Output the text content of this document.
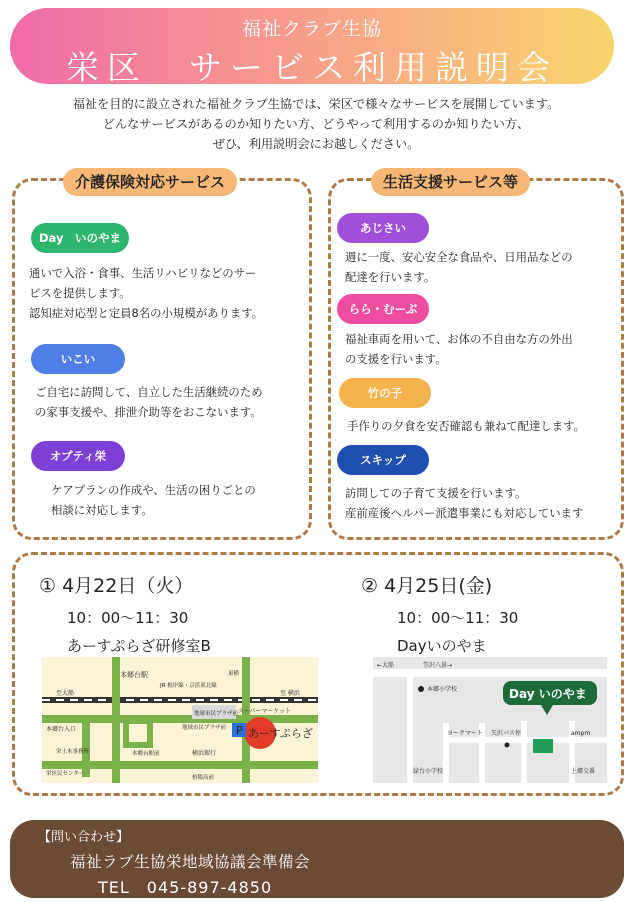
福祉クラブ生協
栄区　サービス利用説明会
福祉を目的に設立された福祉クラブ生協では、栄区で様々なサービスを展開しています。
どんなサービスがあるのか知りたい方、どうやって利用するのか知りたい方、
ぜひ、利用説明会にお越しください。
介護保険対応サービス
Day　いのやま
通いで入浴・食事、生活リハビリなどのサー
ビスを提供します。
認知症対応型と定員8名の小規模があります。
いこい
ご自宅に訪問して、自立した生活継続のため
の家事支援や、排泄介助等をおこないます。
オプティ栄
ケアプランの作成や、生活の困りごとの
相談に対応します。
生活支援サービス等
あじさい
週に一度、安心安全な食品や、日用品などの
配達を行います。
らら・むーぶ
福祉車両を用いて、お体の不自由な方の外出
の支援を行います。
竹の子
手作りの夕食を安否確認も兼ねて配達します。
スキップ
訪問しての子育て支援を行います。
産前産後ヘルパー派遣事業にも対応しています
① 4月22日（火）
10：00〜11：30
あーすぷらざ研修室B
② 4月25日(金)
10：00〜11：30
Dayいのやま
P あーすぷらざ
本郷台駅
JR 根岸線・京浜東北線
至大船	至 横浜
東横
地球市民プラザ前 スーパーマーケット
地域市民プラザ前
本郷台入口
栄土木事務所	本郷台駅前	横浜銀行
柏陽高前
栄区民センター
←大船	笠沢八景→
本郷小学校	Day いのやま
ヨークマート 矢沢バス停	ampm
緑台小学校	上郷交番
【問い合わせ】
福祉ラブ生協栄地域協議会準備会
TEL　045-897-4850
